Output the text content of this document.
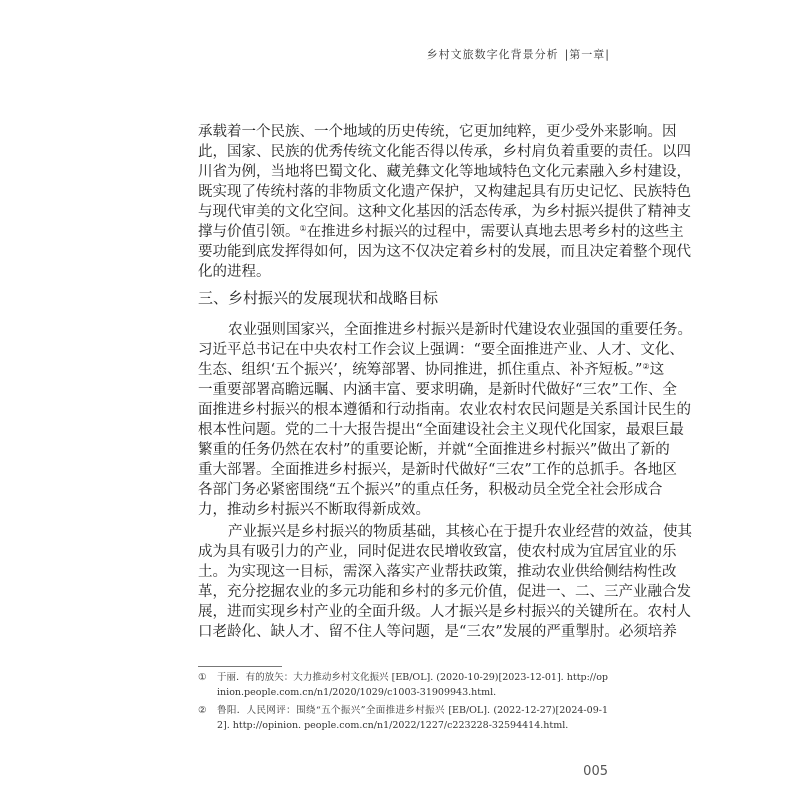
乡村文旅数字化背景分析 |第一章|
承载着一个民族、一个地域的历史传统，它更加纯粹，更少受外来影响。因
此，国家、民族的优秀传统文化能否得以传承，乡村肩负着重要的责任。以四
川省为例，当地将巴蜀文化、藏羌彝文化等地域特色文化元素融入乡村建设，
既实现了传统村落的非物质文化遗产保护，又构建起具有历史记忆、民族特色
与现代审美的文化空间。这种文化基因的活态传承，为乡村振兴提供了精神支
撑与价值引领。①在推进乡村振兴的过程中，需要认真地去思考乡村的这些主
要功能到底发挥得如何，因为这不仅决定着乡村的发展，而且决定着整个现代
化的进程。
三、乡村振兴的发展现状和战略目标
农业强则国家兴，全面推进乡村振兴是新时代建设农业强国的重要任务。
习近平总书记在中央农村工作会议上强调：“要全面推进产业、人才、文化、
生态、组织‘五个振兴’，统筹部署、协同推进，抓住重点、补齐短板。”②这
一重要部署高瞻远瞩、内涵丰富、要求明确，是新时代做好“三农”工作、全
面推进乡村振兴的根本遵循和行动指南。农业农村农民问题是关系国计民生的
根本性问题。党的二十大报告提出“全面建设社会主义现代化国家，最艰巨最
繁重的任务仍然在农村”的重要论断，并就“全面推进乡村振兴”做出了新的
重大部署。全面推进乡村振兴，是新时代做好“三农”工作的总抓手。各地区
各部门务必紧密围绕“五个振兴”的重点任务，积极动员全党全社会形成合
力，推动乡村振兴不断取得新成效。
产业振兴是乡村振兴的物质基础，其核心在于提升农业经营的效益，使其
成为具有吸引力的产业，同时促进农民增收致富，使农村成为宜居宜业的乐
土。为实现这一目标，需深入落实产业帮扶政策，推动农业供给侧结构性改
革，充分挖掘农业的多元功能和乡村的多元价值，促进一、二、三产业融合发
展，进而实现乡村产业的全面升级。人才振兴是乡村振兴的关键所在。农村人
口老龄化、缺人才、留不住人等问题，是“三农”发展的严重掣肘。必须培养
① 于丽．有的放矢：大力推动乡村文化振兴 [EB/OL]. (2020-10-29)[2023-12-01]. http://opinion.people.com.cn/n1/2020/1029/c1003-31909943.html.
② 鲁阳．人民网评：围绕“五个振兴”全面推进乡村振兴 [EB/OL]. (2022-12-27)[2024-09-12]. http://opinion. people.com.cn/n1/2022/1227/c223228-32594414.html.
005
